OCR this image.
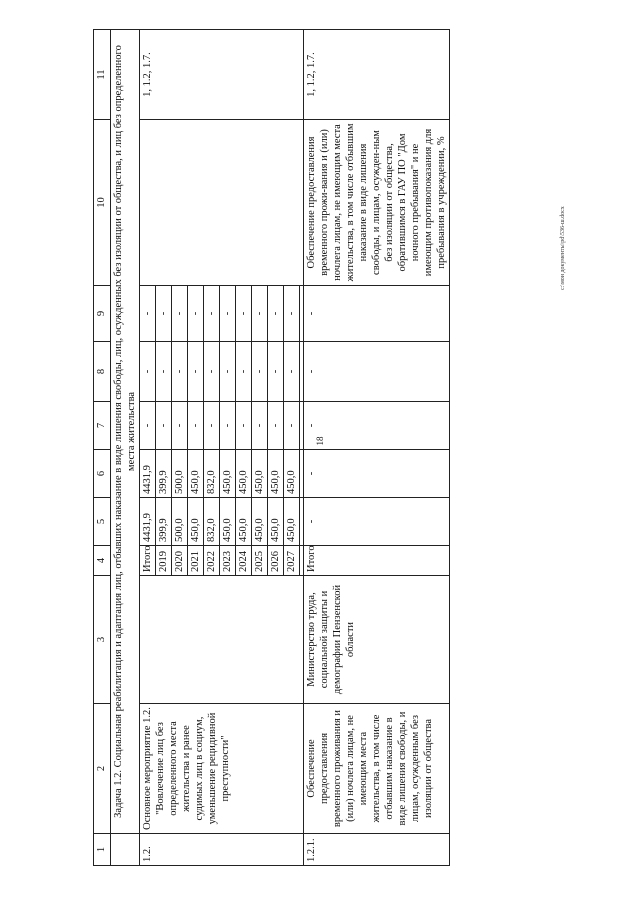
18
c:\мои документы\pd\536-ш.docx
1	2	3	4	5	6	7	8	9	10	11
	Задача 1.2. Социальная реабилитация и адаптация лиц, отбывших наказание в виде лишения свободы, лиц, осужденных без изоляции от общества, и лиц без определенного места жительства									
1.2.	Основное мероприятие 1.2. "Вовлечение лиц без определенного места жительства и ранее судимых лиц в социум, уменьшение рецидивной преступности"		Итого	4431,9	4431,9	-	-	-		1, 1.2, 1.7.
			2019	399,9	399,9	-	-	-		
			2020	500,0	500,0	-	-	-		
			2021	450,0	450,0	-	-	-		
			2022	832,0	832,0	-	-	-		
			2023	450,0	450,0	-	-	-		
			2024	450,0	450,0	-	-	-		
			2025	450,0	450,0	-	-	-		
			2026	450,0	450,0	-	-	-		
			2027	450,0	450,0	-	-	-		

1.2.1.	Обеспечение предоставления временного проживания и (или) ночлега лицам, не имеющим места жительства, в том числе отбывшим наказание в виде лишения свободы, и лицам, осужденным без изоляции от общества	Министерство труда, социальной защиты и демографии Пензенской области	Итого	-	-	-	-	-	Обеспечение предоставления временного прожи-вания и (или) ночлега лицам, не имеющим места жительства, в том числе отбывшим наказание в виде лишения свободы, и лицам, осужден-ным без изоляции от общества, обратившимся в ГАУ ПО "Дом ночного пребывания" и не имеющим противопоказания для пребывания в учреждении, %	1, 1.2, 1.7.
